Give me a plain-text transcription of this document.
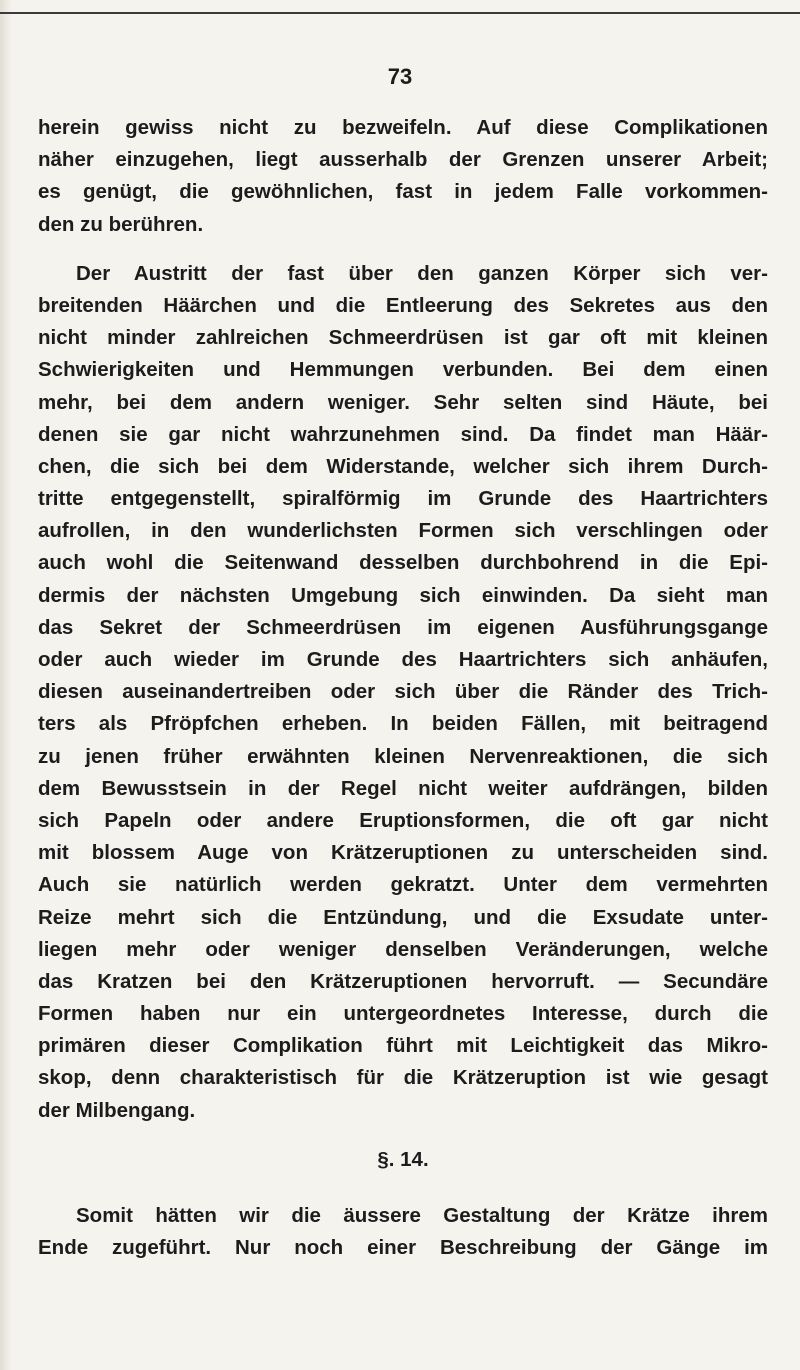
73
herein gewiss nicht zu bezweifeln. Auf diese Complikationen
näher einzugehen, liegt ausserhalb der Grenzen unserer Arbeit;
es genügt, die gewöhnlichen, fast in jedem Falle vorkommen-
den zu berühren.
Der Austritt der fast über den ganzen Körper sich ver-
breitenden Häärchen und die Entleerung des Sekretes aus den
nicht minder zahlreichen Schmeerdrüsen ist gar oft mit kleinen
Schwierigkeiten und Hemmungen verbunden. Bei dem einen
mehr, bei dem andern weniger. Sehr selten sind Häute, bei
denen sie gar nicht wahrzunehmen sind. Da findet man Häär-
chen, die sich bei dem Widerstande, welcher sich ihrem Durch-
tritte entgegenstellt, spiralförmig im Grunde des Haartrichters
aufrollen, in den wunderlichsten Formen sich verschlingen oder
auch wohl die Seitenwand desselben durchbohrend in die Epi-
dermis der nächsten Umgebung sich einwinden. Da sieht man
das Sekret der Schmeerdrüsen im eigenen Ausführungsgange
oder auch wieder im Grunde des Haartrichters sich anhäufen,
diesen auseinandertreiben oder sich über die Ränder des Trich-
ters als Pfröpfchen erheben. In beiden Fällen, mit beitragend
zu jenen früher erwähnten kleinen Nervenreaktionen, die sich
dem Bewusstsein in der Regel nicht weiter aufdrängen, bilden
sich Papeln oder andere Eruptionsformen, die oft gar nicht
mit blossem Auge von Krätzeruptionen zu unterscheiden sind.
Auch sie natürlich werden gekratzt. Unter dem vermehrten
Reize mehrt sich die Entzündung, und die Exsudate unter-
liegen mehr oder weniger denselben Veränderungen, welche
das Kratzen bei den Krätzeruptionen hervorruft. — Secundäre
Formen haben nur ein untergeordnetes Interesse, durch die
primären dieser Complikation führt mit Leichtigkeit das Mikro-
skop, denn charakteristisch für die Krätzeruption ist wie gesagt
der Milbengang.
§. 14.
Somit hätten wir die äussere Gestaltung der Krätze ihrem
Ende zugeführt. Nur noch einer Beschreibung der Gänge im
